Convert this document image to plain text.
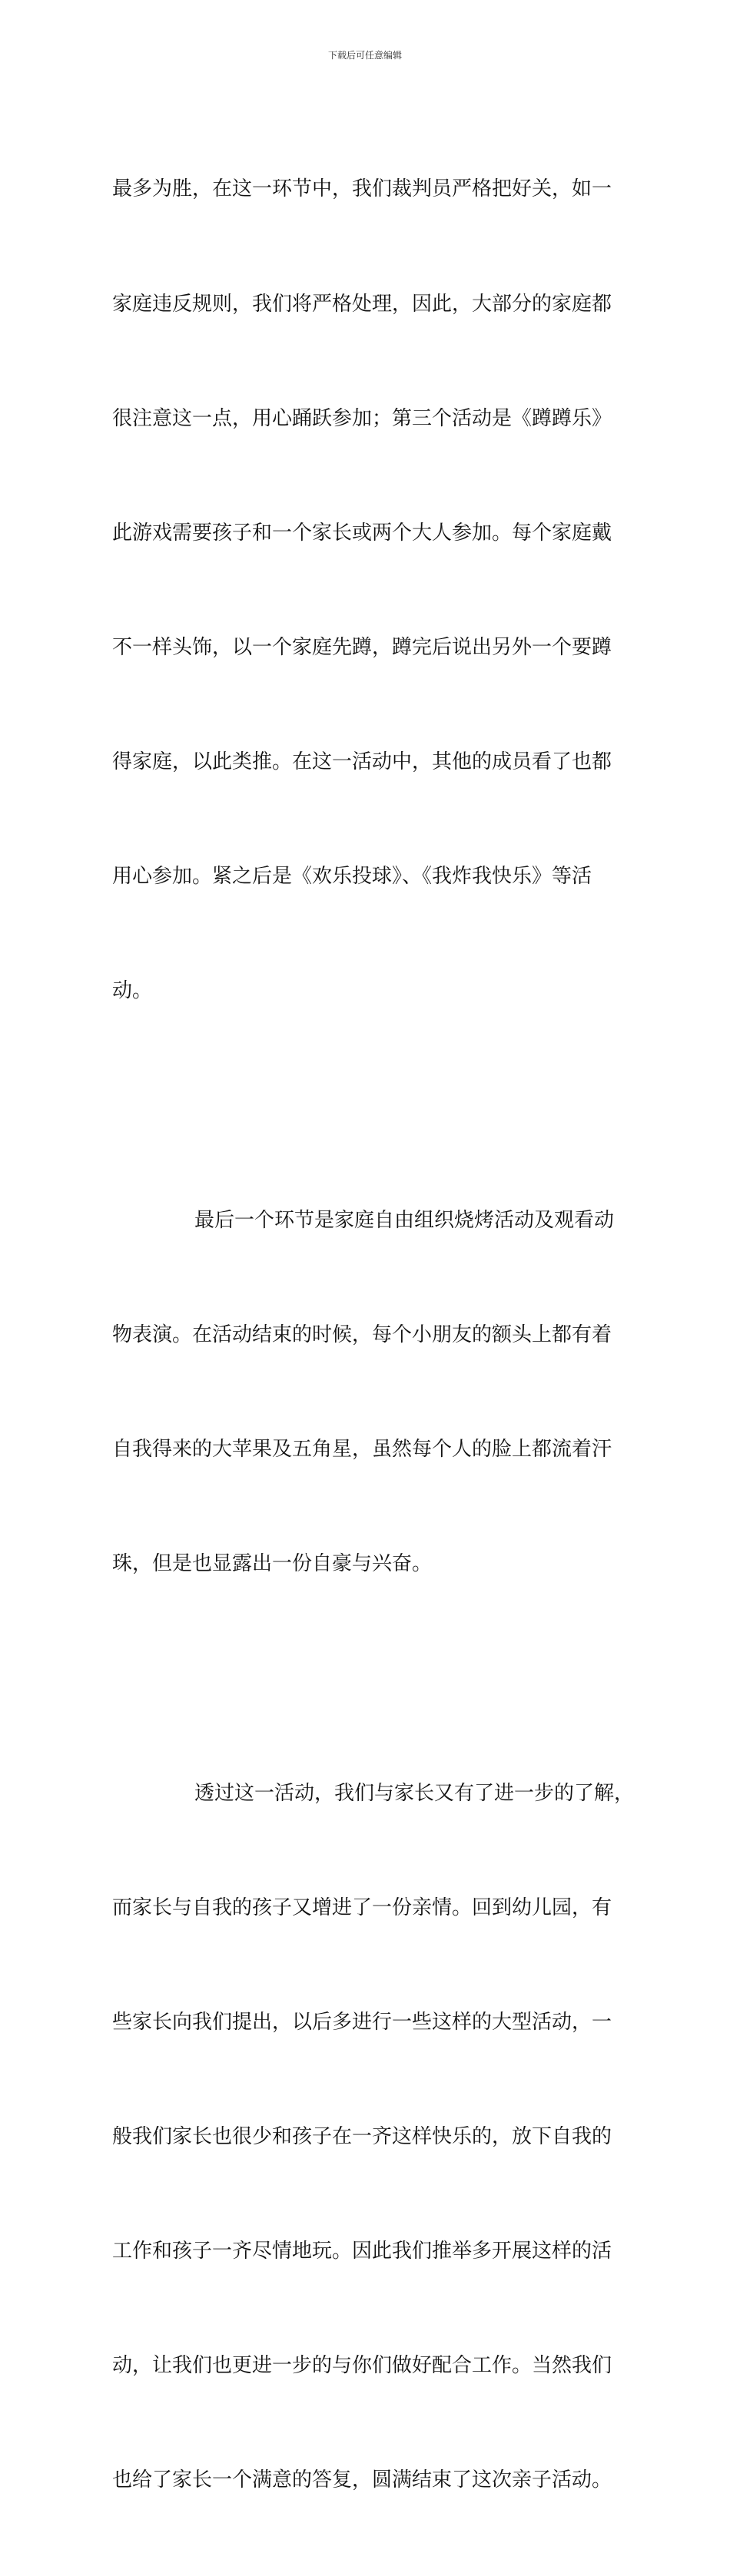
下载后可任意编辑

最多为胜，在这一环节中，我们裁判员严格把好关，如一

家庭违反规则，我们将严格处理，因此，大部分的家庭都

很注意这一点，用心踊跃参加；第三个活动是《蹲蹲乐》

此游戏需要孩子和一个家长或两个大人参加。每个家庭戴

不一样头饰，以一个家庭先蹲，蹲完后说出另外一个要蹲

得家庭，以此类推。在这一活动中，其他的成员看了也都

用心参加。紧之后是《欢乐投球》、《我炸我快乐》等活

动。

最后一个环节是家庭自由组织烧烤活动及观看动

物表演。在活动结束的时候，每个小朋友的额头上都有着

自我得来的大苹果及五角星，虽然每个人的脸上都流着汗

珠，但是也显露出一份自豪与兴奋。

透过这一活动，我们与家长又有了进一步的了解，

而家长与自我的孩子又增进了一份亲情。回到幼儿园，有

些家长向我们提出，以后多进行一些这样的大型活动，一

般我们家长也很少和孩子在一齐这样快乐的，放下自我的

工作和孩子一齐尽情地玩。因此我们推举多开展这样的活

动，让我们也更进一步的与你们做好配合工作。当然我们

也给了家长一个满意的答复，圆满结束了这次亲子活动。
